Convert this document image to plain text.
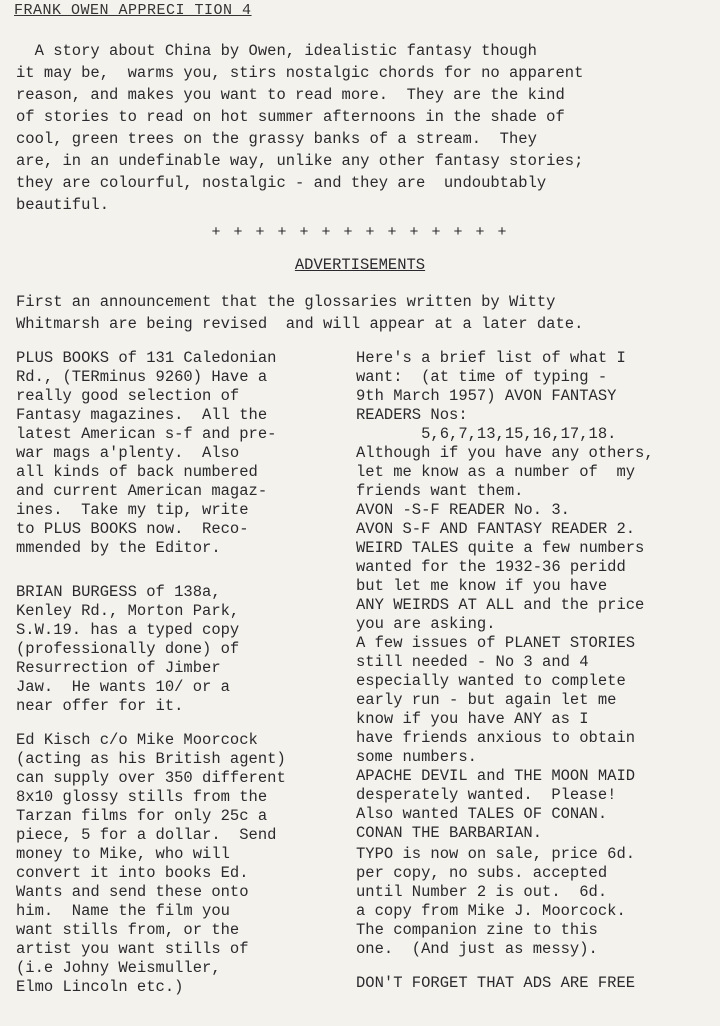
FRANK OWEN APPRECI TION 4
A story about China by Owen, idealistic fantasy though
it may be,  warms you, stirs nostalgic chords for no apparent
reason, and makes you want to read more.  They are the kind
of stories to read on hot summer afternoons in the shade of
cool, green trees on the grassy banks of a stream.  They
are, in an undefinable way, unlike any other fantasy stories;
they are colourful, nostalgic - and they are  undoubtably
beautiful.
+ + + + + + + + + + + + + +
ADVERTISEMENTS
First an announcement that the glossaries written by Witty
Whitmarsh are being revised  and will appear at a later date.

PLUS BOOKS of 131 Caledonian
Rd., (TERminus 9260) Have a
really good selection of
Fantasy magazines.  All the
latest American s-f and pre-
war mags a'plenty.  Also
all kinds of back numbered
and current American magaz-
ines.  Take my tip, write
to PLUS BOOKS now.  Reco-
mmended by the Editor.

BRIAN BURGESS of 138a,
Kenley Rd., Morton Park,
S.W.19. has a typed copy
(professionally done) of
Resurrection of Jimber
Jaw.  He wants 10/ or a
near offer for it.

Ed Kisch c/o Mike Moorcock
(acting as his British agent)
can supply over 350 different
8x10 glossy stills from the
Tarzan films for only 25c a
piece, 5 for a dollar.  Send
money to Mike, who will
convert it into books Ed.
Wants and send these onto
him.  Name the film you
want stills from, or the
artist you want stills of
(i.e Johny Weismuller,
Elmo Lincoln etc.)

Here's a brief list of what I
want:  (at time of typing -
9th March 1957) AVON FANTASY
READERS Nos:
5,6,7,13,15,16,17,18.
Although if you have any others,
let me know as a number of  my
friends want them.
AVON -S-F READER No. 3.
AVON S-F AND FANTASY READER 2.
WEIRD TALES quite a few numbers
wanted for the 1932-36 peridd
but let me know if you have
ANY WEIRDS AT ALL and the price
you are asking.
A few issues of PLANET STORIES
still needed - No 3 and 4
especially wanted to complete
early run - but again let me
know if you have ANY as I
have friends anxious to obtain
some numbers.
APACHE DEVIL and THE MOON MAID
desperately wanted.  Please!
Also wanted TALES OF CONAN.
CONAN THE BARBARIAN.

TYPO is now on sale, price 6d.
per copy, no subs. accepted
until Number 2 is out.  6d.
a copy from Mike J. Moorcock.
The companion zine to this
one.  (And just as messy).

DON'T FORGET THAT ADS ARE FREE
